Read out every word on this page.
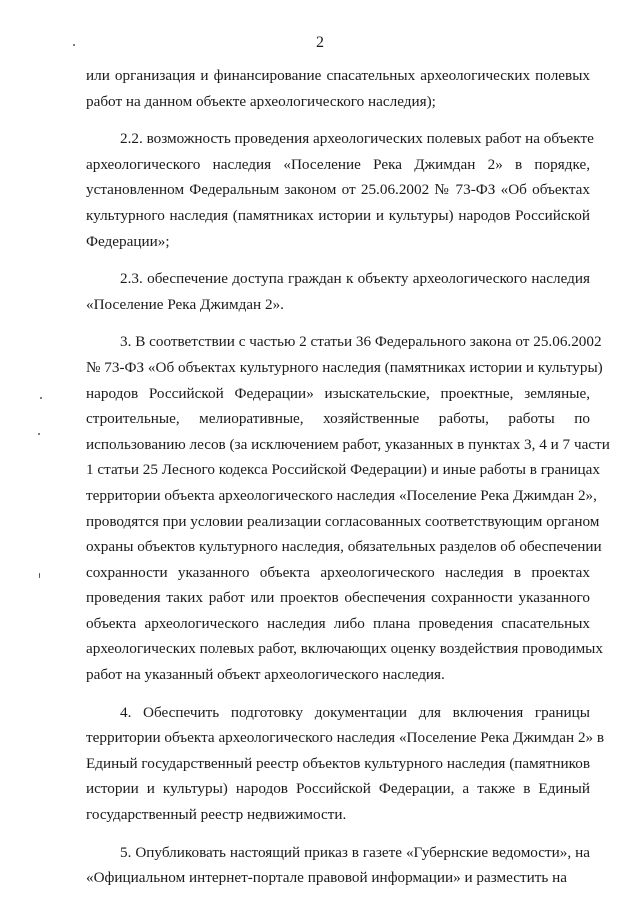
2
или организация и финансирование спасательных археологических полевых
работ на данном объекте археологического наследия);
2.2. возможность проведения археологических полевых работ на объекте
археологического наследия «Поселение Река Джимдан 2» в порядке,
установленном Федеральным законом от 25.06.2002 № 73-ФЗ «Об объектах
культурного наследия (памятниках истории и культуры) народов Российской
Федерации»;
2.3. обеспечение доступа граждан к объекту археологического наследия
«Поселение Река Джимдан 2».
3. В соответствии с частью 2 статьи 36 Федерального закона от 25.06.2002
№ 73-ФЗ «Об объектах культурного наследия (памятниках истории и культуры)
народов Российской Федерации» изыскательские, проектные, земляные,
строительные, мелиоративные, хозяйственные работы, работы по
использованию лесов (за исключением работ, указанных в пунктах 3, 4 и 7 части
1 статьи 25 Лесного кодекса Российской Федерации) и иные работы в границах
территории объекта археологического наследия «Поселение Река Джимдан 2»,
проводятся при условии реализации согласованных соответствующим органом
охраны объектов культурного наследия, обязательных разделов об обеспечении
сохранности указанного объекта археологического наследия в проектах
проведения таких работ или проектов обеспечения сохранности указанного
объекта археологического наследия либо плана проведения спасательных
археологических полевых работ, включающих оценку воздействия проводимых
работ на указанный объект археологического наследия.
4. Обеспечить подготовку документации для включения границы
территории объекта археологического наследия «Поселение Река Джимдан 2» в
Единый государственный реестр объектов культурного наследия (памятников
истории и культуры) народов Российской Федерации, а также в Единый
государственный реестр недвижимости.
5. Опубликовать настоящий приказ в газете «Губернские ведомости», на
«Официальном интернет-портале правовой информации» и разместить на
